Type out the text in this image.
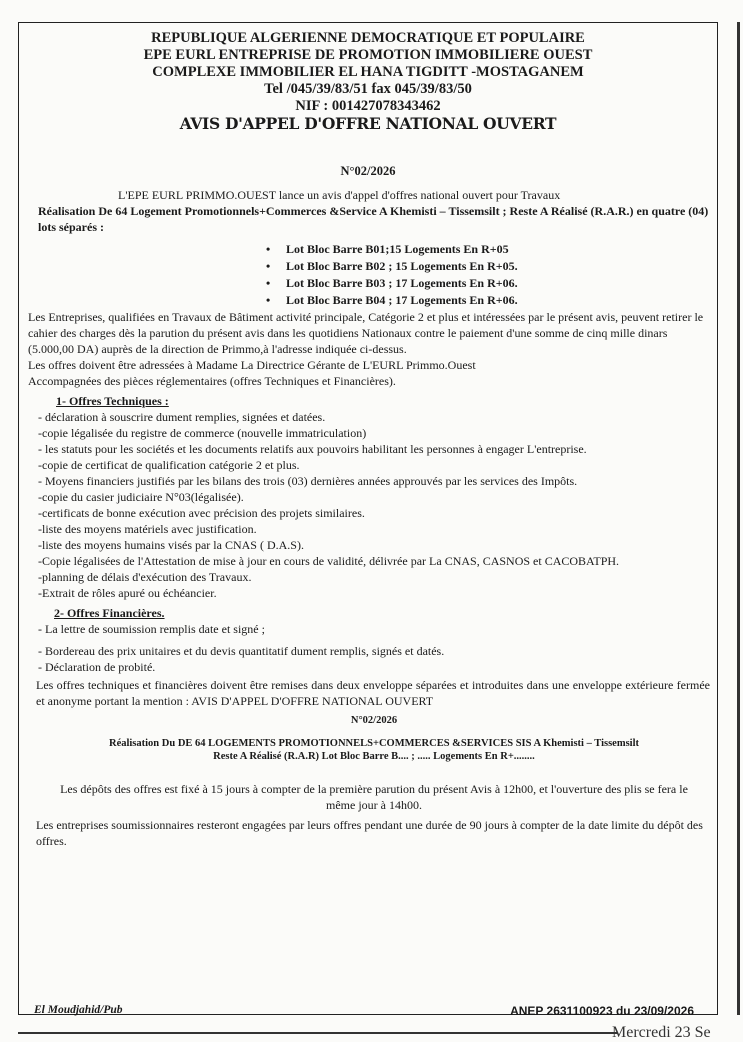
REPUBLIQUE ALGERIENNE DEMOCRATIQUE ET POPULAIRE
EPE EURL ENTREPRISE DE PROMOTION IMMOBILIERE OUEST
COMPLEXE IMMOBILIER EL HANA TIGDITT -MOSTAGANEM
Tel /045/39/83/51 fax 045/39/83/50
NIF : 001427078343462
AVIS D'APPEL D'OFFRE NATIONAL OUVERT
N°02/2026

L'EPE EURL PRIMMO.OUEST lance un avis d'appel d'offres national ouvert pour Travaux

Réalisation De 64 Logement Promotionnels+Commerces &Service A Khemisti – Tissemsilt ; Reste A Réalisé (R.A.R.) en quatre (04) lots séparés :

• Lot Bloc Barre B01;15 Logements En R+05
• Lot Bloc Barre B02 ; 15 Logements En R+05.
• Lot Bloc Barre B03 ; 17 Logements En R+06.
• Lot Bloc Barre B04 ; 17 Logements En R+06.

Les Entreprises, qualifiées en Travaux de Bâtiment activité principale, Catégorie 2 et plus et intéressées par le présent avis, peuvent retirer le cahier des charges dès la parution du présent avis dans les quotidiens Nationaux contre le paiement d'une somme de cinq mille dinars (5.000,00 DA) auprès de la direction de Primmo,à l'adresse indiquée ci-dessus.

Les offres doivent être adressées à Madame La Directrice Gérante de L'EURL Primmo.Ouest

Accompagnées des pièces réglementaires (offres Techniques et Financières).

1- Offres Techniques :

- déclaration à souscrire dument remplies, signées et datées.

-copie légalisée du registre de commerce (nouvelle immatriculation)

- les statuts pour les sociétés et les documents relatifs aux pouvoirs habilitant les personnes à engager L'entreprise.

-copie de certificat de qualification catégorie 2 et plus.

- Moyens financiers justifiés par les bilans des trois (03) dernières années approuvés par les services des Impôts.

-copie du casier judiciaire N°03(légalisée).

-certificats de bonne exécution avec précision des projets similaires.

-liste des moyens matériels avec justification.

-liste des moyens humains visés par la CNAS ( D.A.S).

-Copie légalisées de l'Attestation de mise à jour en cours de validité, délivrée par La CNAS, CASNOS et CACOBATPH.

-planning de délais d'exécution des Travaux.

-Extrait de rôles apuré ou échéancier.

2- Offres Financières.

- La lettre de soumission remplis date et signé ;

- Bordereau des prix unitaires et du devis quantitatif dument remplis, signés et datés.

- Déclaration de probité.

Les offres techniques et financières doivent être remises dans deux enveloppe séparées et introduites dans une enveloppe extérieure fermée et anonyme portant la mention : AVIS D'APPEL D'OFFRE NATIONAL OUVERT

N°02/2026

Réalisation Du DE 64 LOGEMENTS PROMOTIONNELS+COMMERCES &SERVICES SIS A Khemisti – Tissemsilt

Reste A Réalisé (R.A.R) Lot Bloc Barre B.... ; ..... Logements En R+........

Les dépôts des offres est fixé à 15 jours à compter de la première parution du présent Avis à 12h00, et l'ouverture des plis se fera le même jour à 14h00.

Les entreprises soumissionnaires resteront engagées par leurs offres pendant une durée de 90 jours à compter de la date limite du dépôt des offres.

El Moudjahid/Pub	ANEP 2631100923 du 23/09/2026
Mercredi 23 Se
